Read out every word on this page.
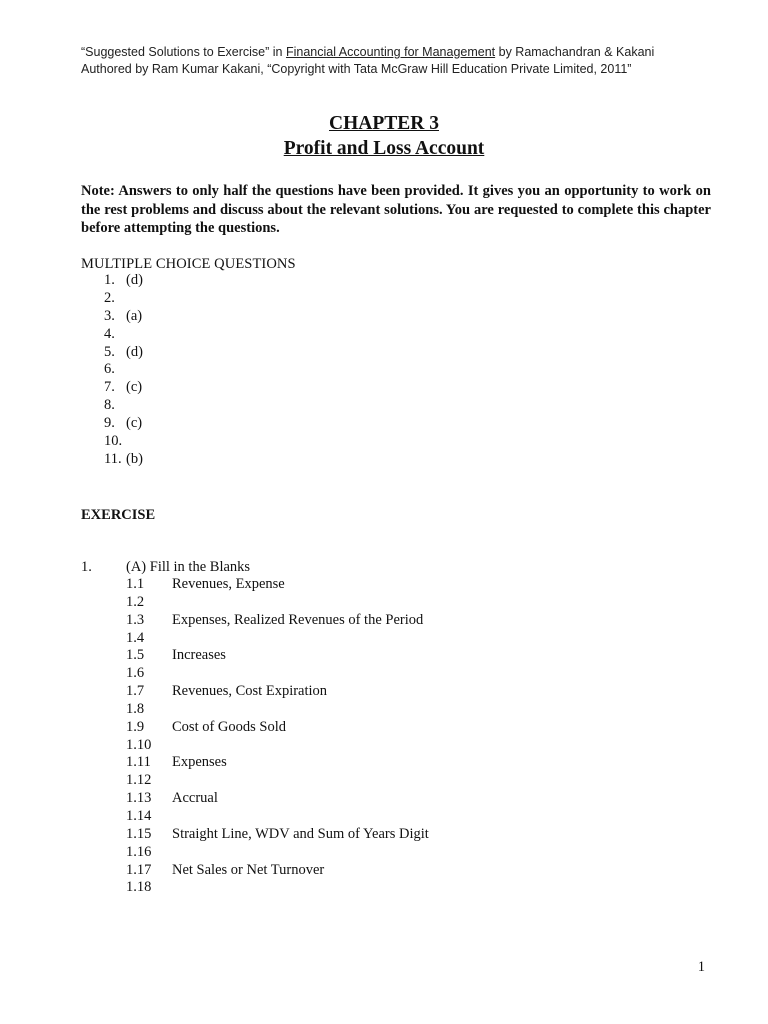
“Suggested Solutions to Exercise” in Financial Accounting for Management by Ramachandran & Kakani
Authored by Ram Kumar Kakani, “Copyright with Tata McGraw Hill Education Private Limited, 2011”
CHAPTER 3
Profit and Loss Account
Note: Answers to only half the questions have been provided. It gives you an opportunity to work on the rest problems and discuss about the relevant solutions. You are requested to complete this chapter before attempting the questions.
MULTIPLE CHOICE QUESTIONS
1. (d)
2.
3. (a)
4.
5. (d)
6.
7. (c)
8.
9. (c)
10.
11. (b)
EXERCISE
1. (A) Fill in the Blanks
1.1 Revenues, Expense
1.2
1.3 Expenses, Realized Revenues of the Period
1.4
1.5 Increases
1.6
1.7 Revenues, Cost Expiration
1.8
1.9 Cost of Goods Sold
1.10
1.11 Expenses
1.12
1.13 Accrual
1.14
1.15 Straight Line, WDV and Sum of Years Digit
1.16
1.17 Net Sales or Net Turnover
1.18
1
